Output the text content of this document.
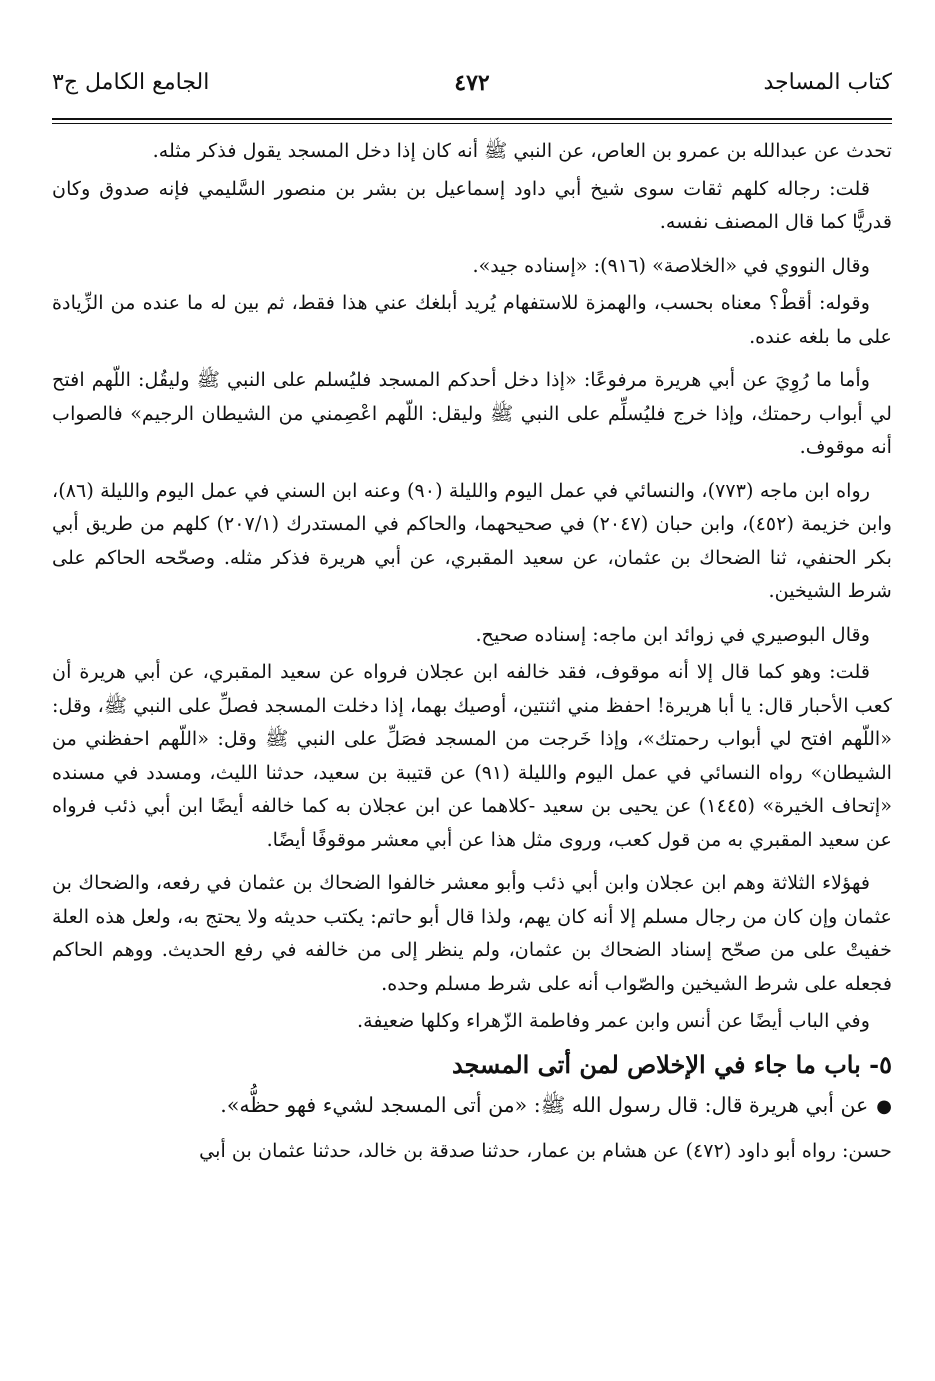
كتاب المساجد
٤٧٢
الجامع الكامل ج٣

تحدث عن عبدالله بن عمرو بن العاص، عن النبي ﷺ أنه كان إذا دخل المسجد يقول فذكر مثله.

قلت: رجاله كلهم ثقات سوى شيخ أبي داود إسماعيل بن بشر بن منصور السَّليمي فإنه صدوق وكان قدريًّا كما قال المصنف نفسه.

وقال النووي في «الخلاصة» (٩١٦): «إسناده جيد».

وقوله: أقطْ؟ معناه بحسب، والهمزة للاستفهام يُريد أبلغك عني هذا فقط، ثم بين له ما عنده من الزِّيادة على ما بلغه عنده.

وأما ما رُوِيَ عن أبي هريرة مرفوعًا: «إذا دخل أحدكم المسجد فليُسلم على النبي ﷺ وليقُل: اللّهم افتح لي أبواب رحمتك، وإذا خرج فليُسلِّم على النبي ﷺ وليقل: اللّهم اعْصِمني من الشيطان الرجيم» فالصواب أنه موقوف.

رواه ابن ماجه (٧٧٣)، والنسائي في عمل اليوم والليلة (٩٠) وعنه ابن السني في عمل اليوم والليلة (٨٦)، وابن خزيمة (٤٥٢)، وابن حبان (٢٠٤٧) في صحيحهما، والحاكم في المستدرك (٢٠٧/١) كلهم من طريق أبي بكر الحنفي، ثنا الضحاك بن عثمان، عن سعيد المقبري، عن أبي هريرة فذكر مثله. وصحّحه الحاكم على شرط الشيخين.

وقال البوصيري في زوائد ابن ماجه: إسناده صحيح.

قلت: وهو كما قال إلا أنه موقوف، فقد خالفه ابن عجلان فرواه عن سعيد المقبري، عن أبي هريرة أن كعب الأحبار قال: يا أبا هريرة! احفظ مني اثنتين، أوصيك بهما، إذا دخلت المسجد فصلِّ على النبي ﷺ، وقل: «اللّهم افتح لي أبواب رحمتك»، وإذا خَرجت من المسجد فصَلِّ على النبي ﷺ وقل: «اللّهم احفظني من الشيطان» رواه النسائي في عمل اليوم والليلة (٩١) عن قتيبة بن سعيد، حدثنا الليث، ومسدد في مسنده «إتحاف الخيرة» (١٤٤٥) عن يحيى بن سعيد -كلاهما عن ابن عجلان به كما خالفه أيضًا ابن أبي ذئب فرواه عن سعيد المقبري به من قول كعب، وروى مثل هذا عن أبي معشر موقوفًا أيضًا.

فهؤلاء الثلاثة وهم ابن عجلان وابن أبي ذئب وأبو معشر خالفوا الضحاك بن عثمان في رفعه، والضحاك بن عثمان وإن كان من رجال مسلم إلا أنه كان يهم، ولذا قال أبو حاتم: يكتب حديثه ولا يحتج به، ولعل هذه العلة خفيتْ على من صحّح إسناد الضحاك بن عثمان، ولم ينظر إلى من خالفه في رفع الحديث. ووهم الحاكم فجعله على شرط الشيخين والصّواب أنه على شرط مسلم وحده.

وفي الباب أيضًا عن أنس وابن عمر وفاطمة الزّهراء وكلها ضعيفة.

٥- باب ما جاء في الإخلاص لمن أتى المسجد

●عن أبي هريرة قال: قال رسول الله ﷺ: «من أتى المسجد لشيء فهو حظُّه».

حسن: رواه أبو داود (٤٧٢) عن هشام بن عمار، حدثنا صدقة بن خالد، حدثنا عثمان بن أبي
